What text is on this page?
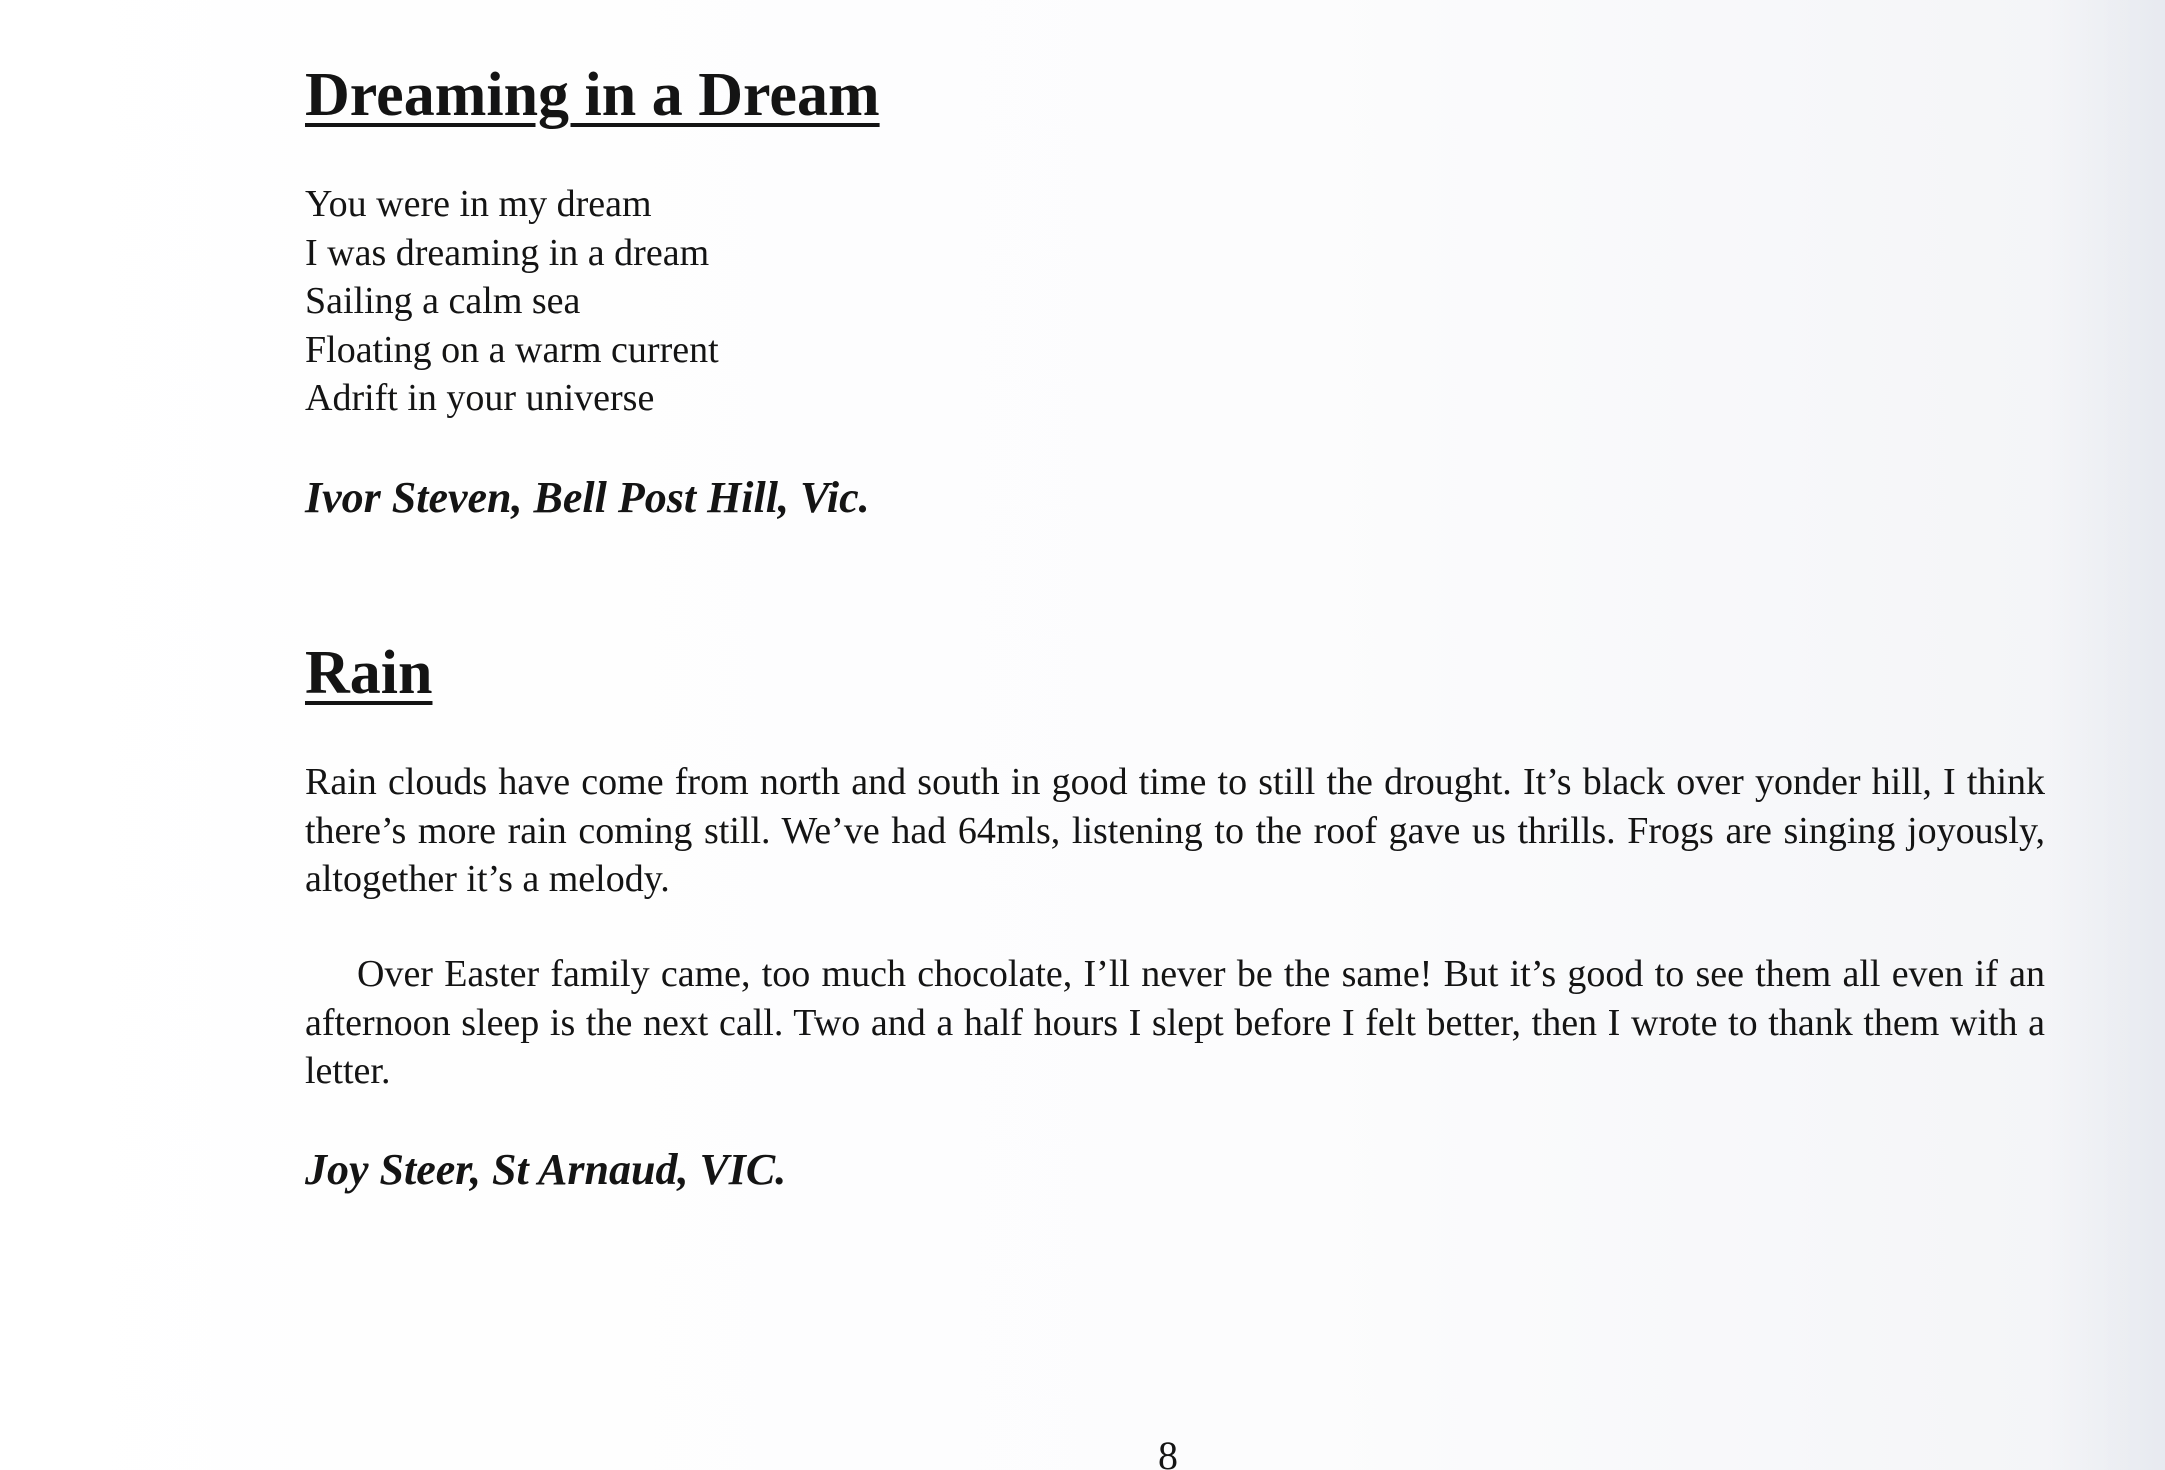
Dreaming in a Dream
You were in my dream
I was dreaming in a dream
Sailing a calm sea
Floating on a warm current
Adrift in your universe
Ivor Steven, Bell Post Hill, Vic.
Rain

Rain clouds have come from north and south in good time to still the drought. It’s black over yonder hill, I think there’s more rain coming still. We’ve had 64mls, listening to the roof gave us thrills. Frogs are singing joyously, altogether it’s a melody.

Over Easter family came, too much chocolate, I’ll never be the same! But it’s good to see them all even if an afternoon sleep is the next call. Two and a half hours I slept before I felt better, then I wrote to thank them with a letter.

Joy Steer, St Arnaud, VIC.
8
